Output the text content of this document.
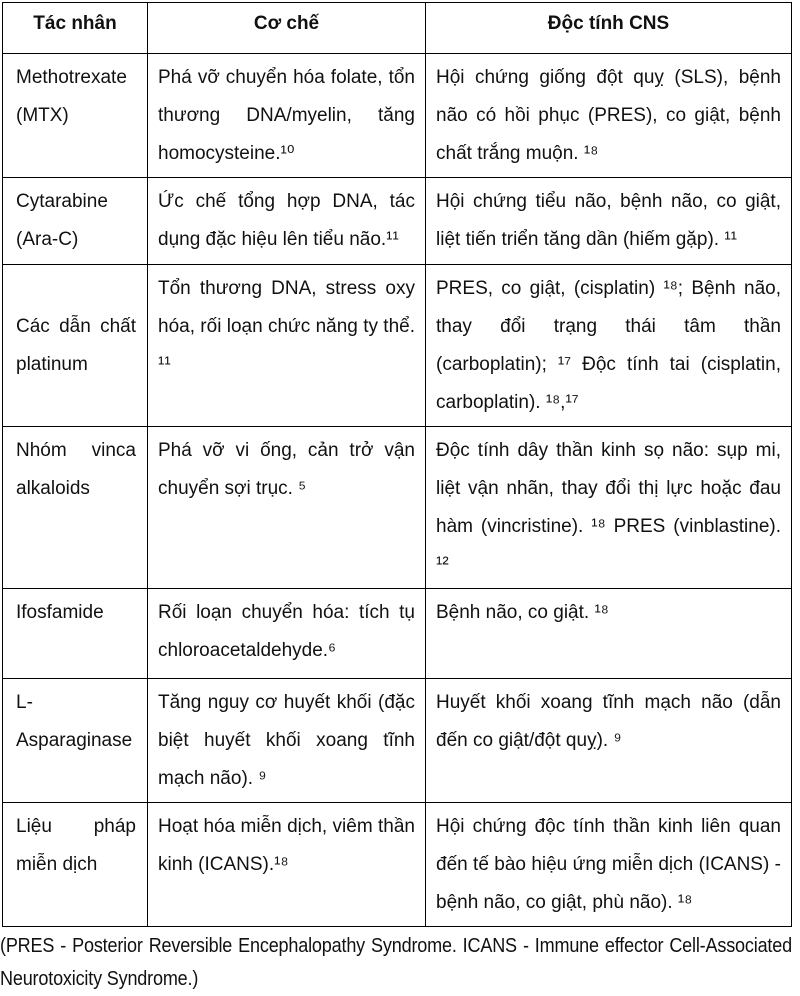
Tác nhân	Cơ chế	Độc tính CNS
Methotrexate (MTX)	Phá vỡ chuyển hóa folate, tổn thương DNA/myelin, tăng homocysteine.¹⁰	Hội chứng giống đột quỵ (SLS), bệnh não có hồi phục (PRES), co giật, bệnh chất trắng muộn. ¹⁸
Cytarabine (Ara-C)	Ức chế tổng hợp DNA, tác dụng đặc hiệu lên tiểu não.¹¹	Hội chứng tiểu não, bệnh não, co giật, liệt tiến triển tăng dần (hiếm gặp). ¹¹
Các dẫn chất platinum	Tổn thương DNA, stress oxy hóa, rối loạn chức năng ty thể. ¹¹	PRES, co giật, (cisplatin) ¹⁸; Bệnh não, thay đổi trạng thái tâm thần (carboplatin); ¹⁷ Độc tính tai (cisplatin, carboplatin). ¹⁸,¹⁷
Nhóm vinca alkaloids	Phá vỡ vi ống, cản trở vận chuyển sợi trục. ⁵	Độc tính dây thần kinh sọ não: sụp mi, liệt vận nhãn, thay đổi thị lực hoặc đau hàm (vincristine). ¹⁸ PRES (vinblastine). ¹²
Ifosfamide	Rối loạn chuyển hóa: tích tụ chloroacetaldehyde.⁶	Bệnh não, co giật. ¹⁸
L-Asparaginase	Tăng nguy cơ huyết khối (đặc biệt huyết khối xoang tĩnh mạch não). ⁹	Huyết khối xoang tĩnh mạch não (dẫn đến co giật/đột quỵ). ⁹
Liệu pháp miễn dịch	Hoạt hóa miễn dịch, viêm thần kinh (ICANS).¹⁸	Hội chứng độc tính thần kinh liên quan đến tế bào hiệu ứng miễn dịch (ICANS) - bệnh não, co giật, phù não). ¹⁸
(PRES - Posterior Reversible Encephalopathy Syndrome. ICANS - Immune effector Cell-Associated Neurotoxicity Syndrome.)
